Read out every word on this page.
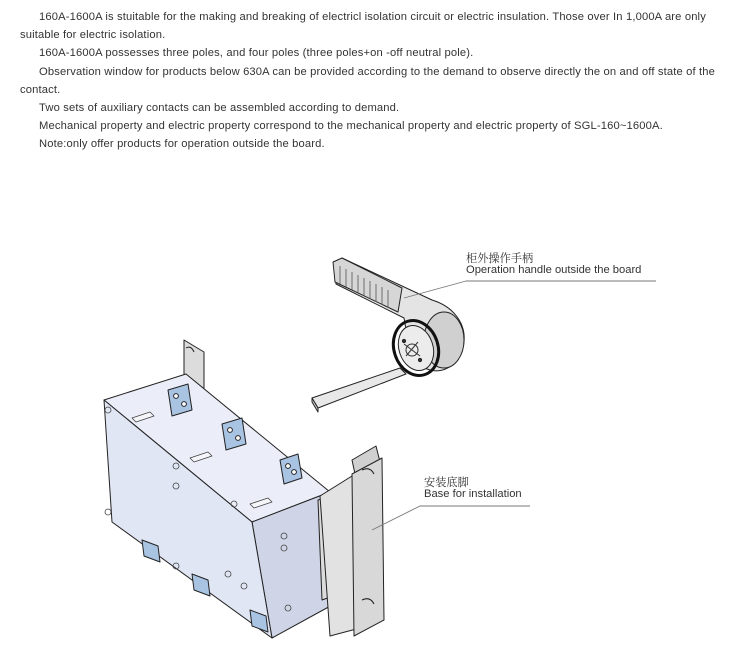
160A-1600A is stuitable for the making and breaking of electricl isolation circuit or electric insulation. Those over In 1,000A are only suitable for electric isolation.

160A-1600A possesses three poles, and four poles (three poles+on -off neutral pole).

Observation window for products below 630A can be provided according to the demand to observe directly the on and off state of the contact.

Two sets of auxiliary contacts can be assembled according to demand.

Mechanical property and electric property correspond to the mechanical property and electric property of SGL-160~1600A.

Note:only offer products for operation outside the board.

柜外操作手柄
Operation handle outside the board
安装底脚
Base for installation
